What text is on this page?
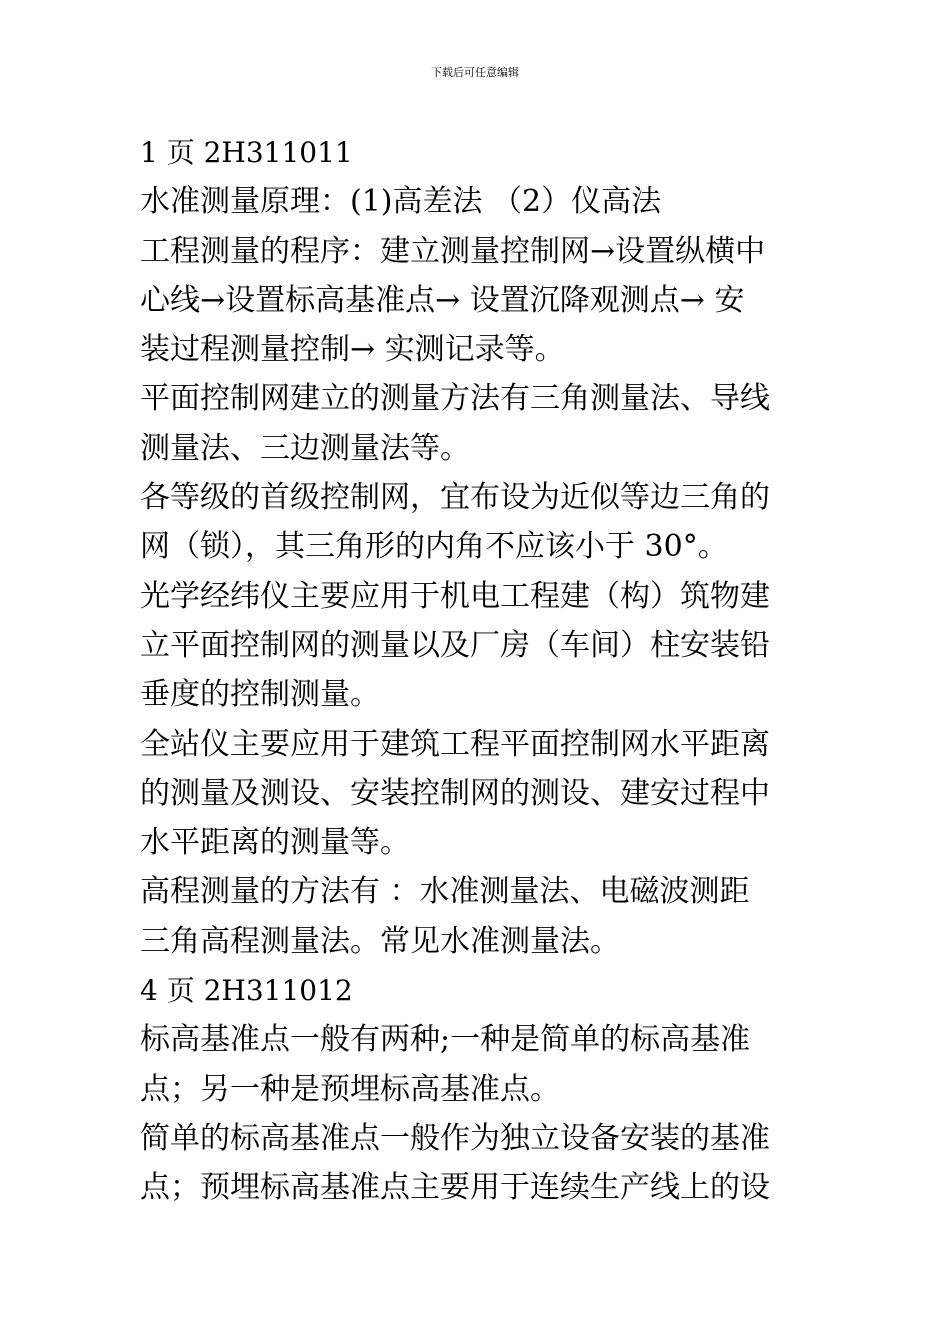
下载后可任意编辑
1 页 2H311011
水准测量原理：(1)高差法 （2）仪高法
工程测量的程序：建立测量控制网→设置纵横中
心线→设置标高基准点→ 设置沉降观测点→ 安
装过程测量控制→ 实测记录等。
平面控制网建立的测量方法有三角测量法、导线
测量法、三边测量法等。
各等级的首级控制网，宜布设为近似等边三角的
网（锁），其三角形的内角不应该小于 30°。
光学经纬仪主要应用于机电工程建（构）筑物建
立平面控制网的测量以及厂房（车间）柱安装铅
垂度的控制测量。
全站仪主要应用于建筑工程平面控制网水平距离
的测量及测设、安装控制网的测设、建安过程中
水平距离的测量等。
高程测量的方法有 ：水准测量法、电磁波测距
三角高程测量法。常见水准测量法。
4 页 2H311012
标高基准点一般有两种;一种是简单的标高基准
点；另一种是预埋标高基准点。
简单的标高基准点一般作为独立设备安装的基准
点；预埋标高基准点主要用于连续生产线上的设
